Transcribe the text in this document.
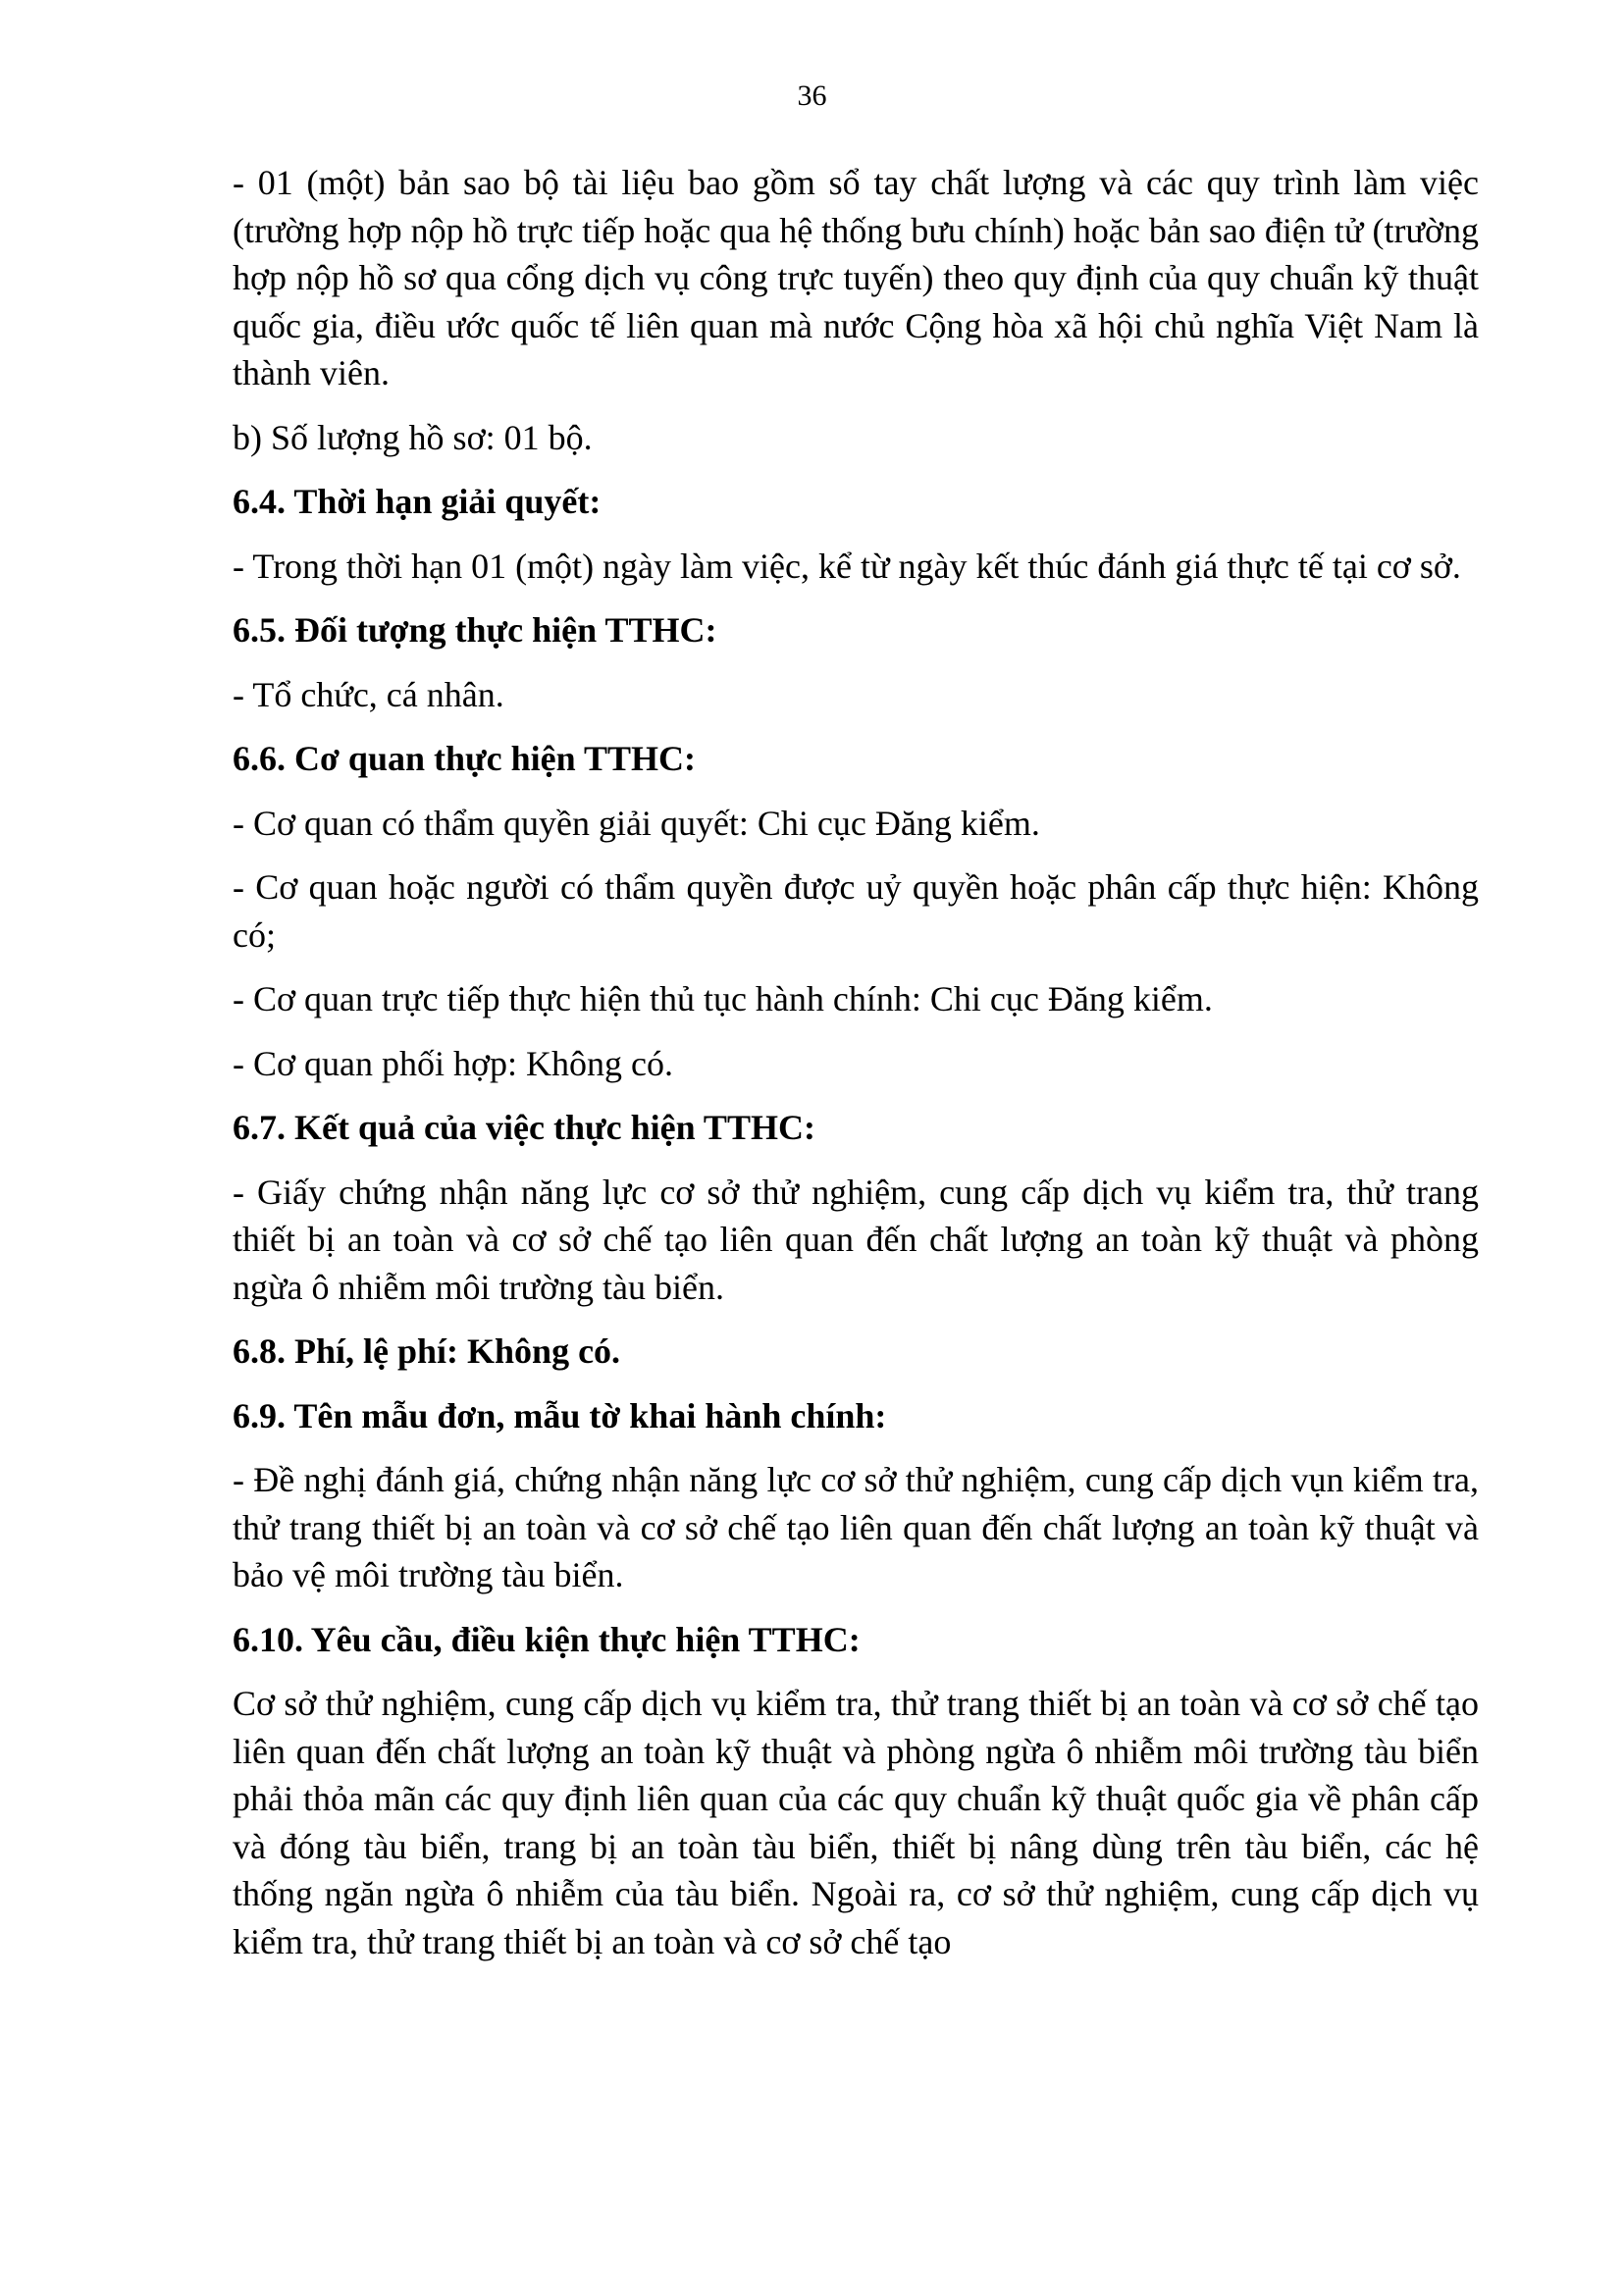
36

- 01 (một) bản sao bộ tài liệu bao gồm sổ tay chất lượng và các quy trình làm việc (trường hợp nộp hồ trực tiếp hoặc qua hệ thống bưu chính) hoặc bản sao điện tử (trường hợp nộp hồ sơ qua cổng dịch vụ công trực tuyến) theo quy định của quy chuẩn kỹ thuật quốc gia, điều ước quốc tế liên quan mà nước Cộng hòa xã hội chủ nghĩa Việt Nam là thành viên.

b) Số lượng hồ sơ: 01 bộ.

6.4. Thời hạn giải quyết:

- Trong thời hạn 01 (một) ngày làm việc, kể từ ngày kết thúc đánh giá thực tế tại cơ sở.

6.5. Đối tượng thực hiện TTHC:

- Tổ chức, cá nhân.

6.6. Cơ quan thực hiện TTHC:

- Cơ quan có thẩm quyền giải quyết: Chi cục Đăng kiểm.

- Cơ quan hoặc người có thẩm quyền được uỷ quyền hoặc phân cấp thực hiện: Không có;

- Cơ quan trực tiếp thực hiện thủ tục hành chính: Chi cục Đăng kiểm.

- Cơ quan phối hợp: Không có.

6.7. Kết quả của việc thực hiện TTHC:

- Giấy chứng nhận năng lực cơ sở thử nghiệm, cung cấp dịch vụ kiểm tra, thử trang thiết bị an toàn và cơ sở chế tạo liên quan đến chất lượng an toàn kỹ thuật và phòng ngừa ô nhiễm môi trường tàu biển.

6.8. Phí, lệ phí: Không có.

6.9. Tên mẫu đơn, mẫu tờ khai hành chính:

- Đề nghị đánh giá, chứng nhận năng lực cơ sở thử nghiệm, cung cấp dịch vụn kiểm tra, thử trang thiết bị an toàn và cơ sở chế tạo liên quan đến chất lượng an toàn kỹ thuật và bảo vệ môi trường tàu biển.

6.10. Yêu cầu, điều kiện thực hiện TTHC:

Cơ sở thử nghiệm, cung cấp dịch vụ kiểm tra, thử trang thiết bị an toàn và cơ sở chế tạo liên quan đến chất lượng an toàn kỹ thuật và phòng ngừa ô nhiễm môi trường tàu biển phải thỏa mãn các quy định liên quan của các quy chuẩn kỹ thuật quốc gia về phân cấp và đóng tàu biển, trang bị an toàn tàu biển, thiết bị nâng dùng trên tàu biển, các hệ thống ngăn ngừa ô nhiễm của tàu biển. Ngoài ra, cơ sở thử nghiệm, cung cấp dịch vụ kiểm tra, thử trang thiết bị an toàn và cơ sở chế tạo
